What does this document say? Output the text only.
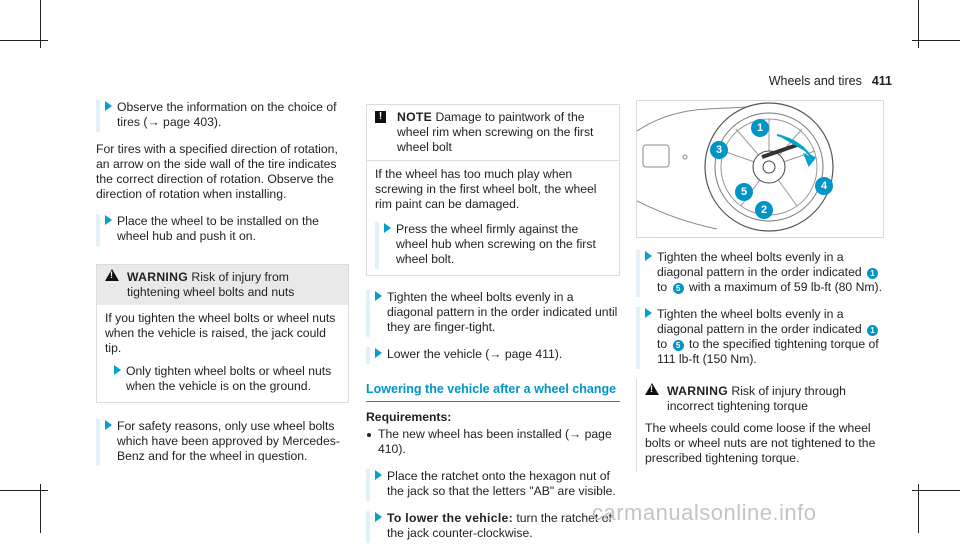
Wheels and tires 411
Observe the information on the choice of tires (→ page 403).
For tires with a specified direction of rotation, an arrow on the side wall of the tire indicates the correct direction of rotation. Observe the direction of rotation when installing.
Place the wheel to be installed on the wheel hub and push it on.
!
WARNING Risk of injury from tightening wheel bolts and nuts
If you tighten the wheel bolts or wheel nuts when the vehicle is raised, the jack could tip.
Only tighten wheel bolts or wheel nuts when the vehicle is on the ground.
For safety reasons, only use wheel bolts which have been approved by Mercedes-Benz and for the wheel in question.
!	NOTE Damage to paintwork of the wheel rim when screwing on the first wheel bolt
If the wheel has too much play when screwing in the first wheel bolt, the wheel rim paint can be damaged.
Press the wheel firmly against the wheel hub when screwing on the first wheel bolt.
Tighten the wheel bolts evenly in a diagonal pattern in the order indicated until they are finger-tight.
Lower the vehicle (→ page 411).
Lowering the vehicle after a wheel change
Requirements:
The new wheel has been installed (→ page 410).
Place the ratchet onto the hexagon nut of the jack so that the letters "AB" are visible.
To lower the vehicle: turn the ratchet of the jack counter-clockwise.
1
2
3
4
5
Tighten the wheel bolts evenly in a diagonal pattern in the order indicated 1 to 5 with a maximum of 59 lb-ft (80 Nm).
Tighten the wheel bolts evenly in a diagonal pattern in the order indicated 1 to 5 to the specified tightening torque of 111 lb-ft (150 Nm).
!
WARNING Risk of injury through incorrect tightening torque
The wheels could come loose if the wheel bolts or wheel nuts are not tightened to the prescribed tightening torque.
carmanualsonline.info
